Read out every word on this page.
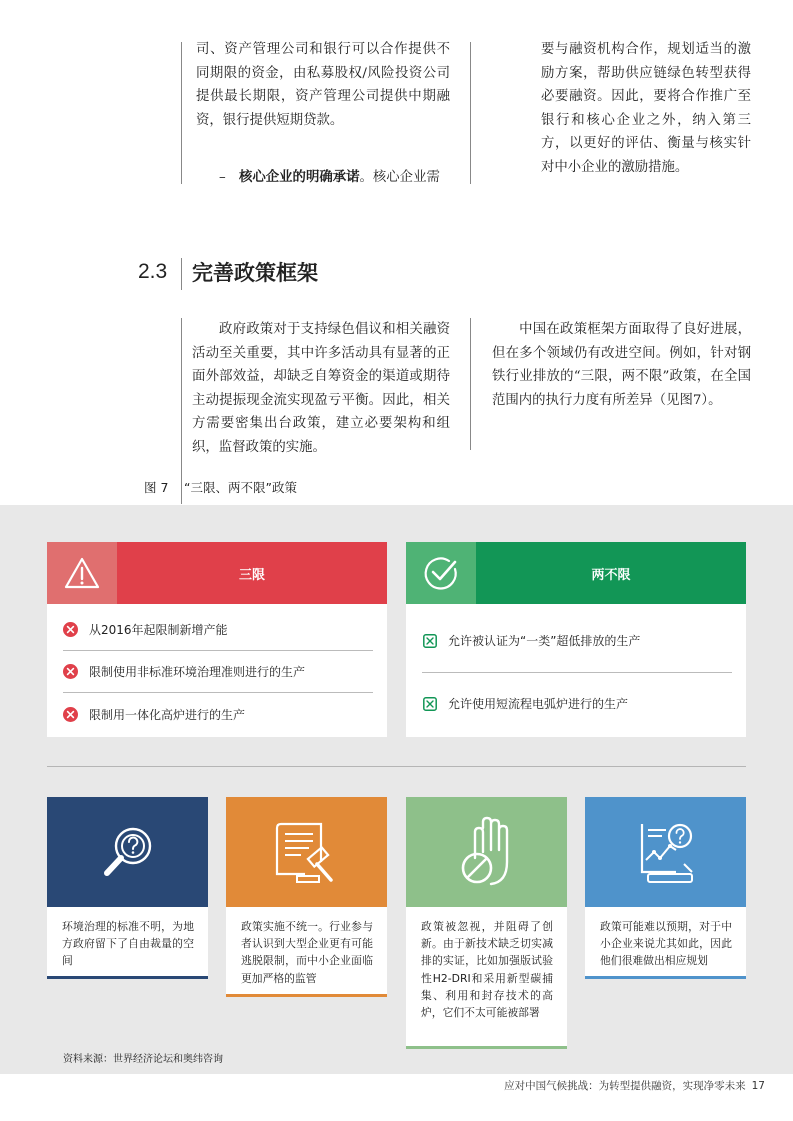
司、资产管理公司和银行可以合作提供不同期限的资金，由私募股权/风险投资公司提供最长期限，资产管理公司提供中期融资，银行提供短期贷款。
– 核心企业的明确承诺。核心企业需
要与融资机构合作，规划适当的激励方案，帮助供应链绿色转型获得必要融资。因此，要将合作推广至银行和核心企业之外，纳入第三方，以更好的评估、衡量与核实针对中小企业的激励措施。
2.3 完善政策框架
政府政策对于支持绿色倡议和相关融资活动至关重要，其中许多活动具有显著的正面外部效益，却缺乏自筹资金的渠道或期待主动提振现金流实现盈亏平衡。因此，相关方需要密集出台政策，建立必要架构和组织，监督政策的实施。
中国在政策框架方面取得了良好进展，但在多个领域仍有改进空间。例如，针对钢铁行业排放的“三限，两不限”政策，在全国范围内的执行力度有所差异（见图7）。
图 7 “三限、两不限”政策
三限
从2016年起限制新增产能
限制使用非标准环境治理准则进行的生产
限制用一体化高炉进行的生产
两不限
允许被认证为“一类”超低排放的生产
允许使用短流程电弧炉进行的生产
环境治理的标准不明，为地方政府留下了自由裁量的空间
政策实施不统一。行业参与者认识到大型企业更有可能逃脱限制，而中小企业面临更加严格的监管
政策被忽视，并阻碍了创新。由于新技术缺乏切实减排的实证，比如加强版试验性H2-DRI和采用新型碳捕集、利用和封存技术的高炉，它们不太可能被部署
政策可能难以预期，对于中小企业来说尤其如此，因此他们很难做出相应规划
资料来源：世界经济论坛和奥纬咨询
应对中国气候挑战：为转型提供融资，实现净零未来 17
